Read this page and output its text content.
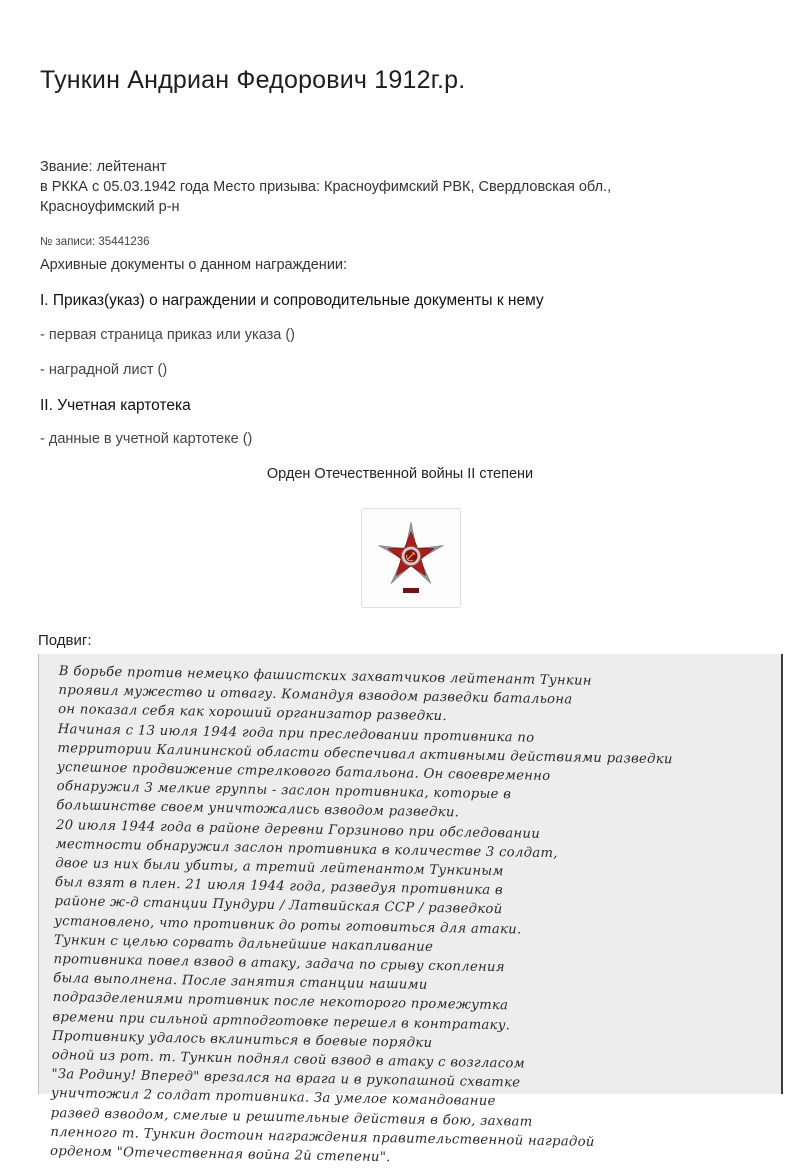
Тункин Андриан Федорович 1912г.р.
Звание: лейтенант
в РККА с 05.03.1942 года Место призыва: Красноуфимский РВК, Свердловская обл.,
Красноуфимский р-н
№ записи: 35441236
Архивные документы о данном награждении:
I. Приказ(указ) о награждении и сопроводительные документы к нему
- первая страница приказ или указа ()
- наградной лист ()
II. Учетная картотека
- данные в учетной картотеке ()
Орден Отечественной войны II степени
Подвиг:

В борьбе против немецко фашистских захватчиков лейтенант Тункин

проявил мужество и отвагу. Командуя взводом разведки батальона

он показал себя как хороший организатор разведки.

Начиная с 13 июля 1944 года при преследовании противника по

территории Калининской области обеспечивал активными действиями разведки

успешное продвижение стрелкового батальона. Он своевременно

обнаружил 3 мелкие группы - заслон противника, которые в

большинстве своем уничтожались взводом разведки.

20 июля 1944 года в районе деревни Горзиново при обследовании

местности обнаружил заслон противника в количестве 3 солдат,

двое из них были убиты, а третий лейтенантом Тункиным

был взят в плен. 21 июля 1944 года, разведуя противника в

районе ж-д станции Пундури / Латвийская ССР / разведкой

установлено, что противник до роты готовиться для атаки.

Тункин с целью сорвать дальнейшие накапливание

противника повел взвод в атаку, задача по срыву скопления

была выполнена. После занятия станции нашими

подразделениями противник после некоторого промежутка

времени при сильной артподготовке перешел в контратаку.

Противнику удалось вклиниться в боевые порядки

одной из рот. т. Тункин поднял свой взвод в атаку с возгласом

"За Родину! Вперед" врезался на врага и в рукопашной схватке

уничтожил 2 солдат противника. За умелое командование

развед взводом, смелые и решительные действия в бою, захват

пленного т. Тункин достоин награждения правительственной наградой

орденом "Отечественная война 2й степени".
